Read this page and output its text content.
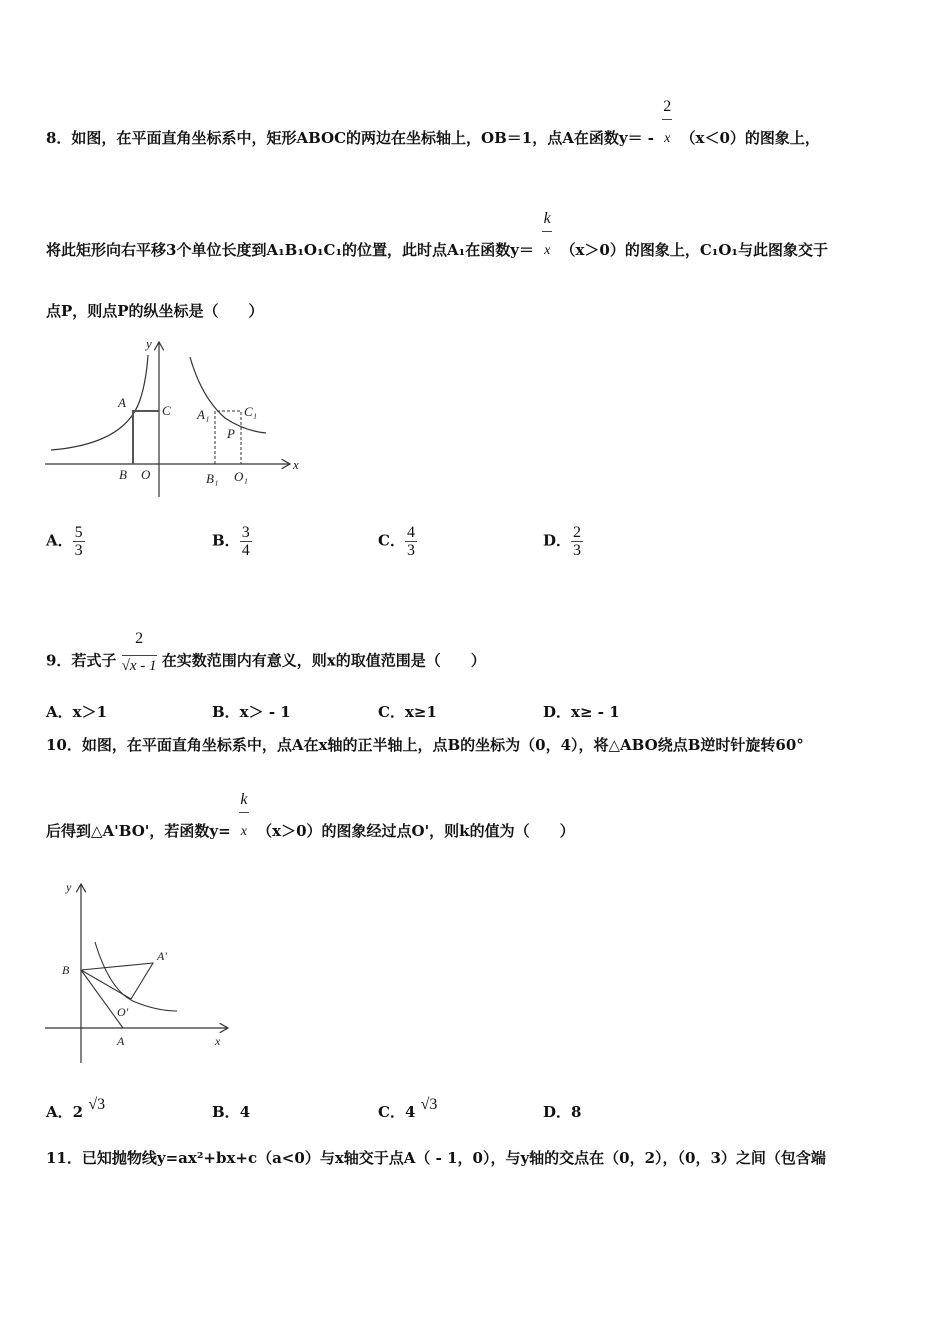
8．如图，在平面直角坐标系中，矩形ABOC的两边在坐标轴上，OB＝1，点A在函数$y= - \frac{2}{x} (x<0)$的图象上，
将此矩形向右平移3个单位长度到A₁B₁O₁C₁的位置，此时点A₁在函数$y= \frac{k}{x} (x>0)$的图象上，C₁O₁与此图象交于
点P，则点P的纵坐标是（　　）
A
C
B O
A₁	C₁
P
B₁ O₁
y
x
B
A
A'
O'
y
x
A． $\frac{5}{3}$	B． $\frac{3}{4}$	C． $\frac{4}{3}$	D． $\frac{2}{3}$
9．若式子 $\frac{2}{√x - 1}$ 在实数范围内有意义，则x的取值范围是（　　）
A．x＞1	B．x＞ - 1	C．x≥1	D．x≥ - 1
10．如图，在平面直角坐标系中，点A在x轴的正半轴上，点B的坐标为（0，4），将△ABO绕点B逆时针旋转60°
后得到△A'BO'，若函数$y= \frac{k}{x} (x>0)$的图象经过点O'，则k的值为（　　）
A．2 √3	B．4	C．4 √3	D．8
11．已知抛物线y=ax²+bx+c（a<0）与x轴交于点A（ - 1，0），与y轴的交点在（0，2），（0，3）之间（包含端
